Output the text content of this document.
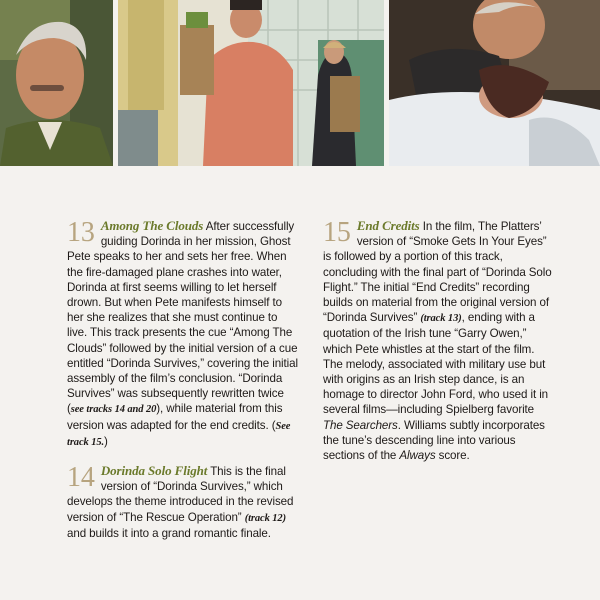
13 Among The Clouds After successfully guiding Dorinda in her mission, Ghost Pete speaks to her and sets her free. When the fire-damaged plane crashes into water, Dorinda at first seems willing to let herself drown. But when Pete manifests himself to her she realizes that she must continue to live. This track presents the cue “Among The Clouds” followed by the initial version of a cue entitled “Dorinda Survives,” covering the initial assembly of the film’s conclusion. “Dorinda Survives” was subsequently rewritten twice (see tracks 14 and 20), while material from this version was adapted for the end credits. (See track 15.)
14 Dorinda Solo Flight This is the final version of “Dorinda Survives,” which develops the theme introduced in the revised version of “The Rescue Operation” (track 12) and builds it into a grand romantic finale.
15 End Credits In the film, The Platters’ version of “Smoke Gets In Your Eyes” is followed by a portion of this track, concluding with the final part of “Dorinda Solo Flight.” The initial “End Credits” recording builds on material from the original version of “Dorinda Survives” (track 13), ending with a quotation of the Irish tune “Garry Owen,” which Pete whistles at the start of the film. The melody, associated with military use but with origins as an Irish step dance, is an homage to director John Ford, who used it in several films—including Spielberg favorite The Searchers. Williams subtly incorporates the tune’s descending line into various sections of the Always score.
